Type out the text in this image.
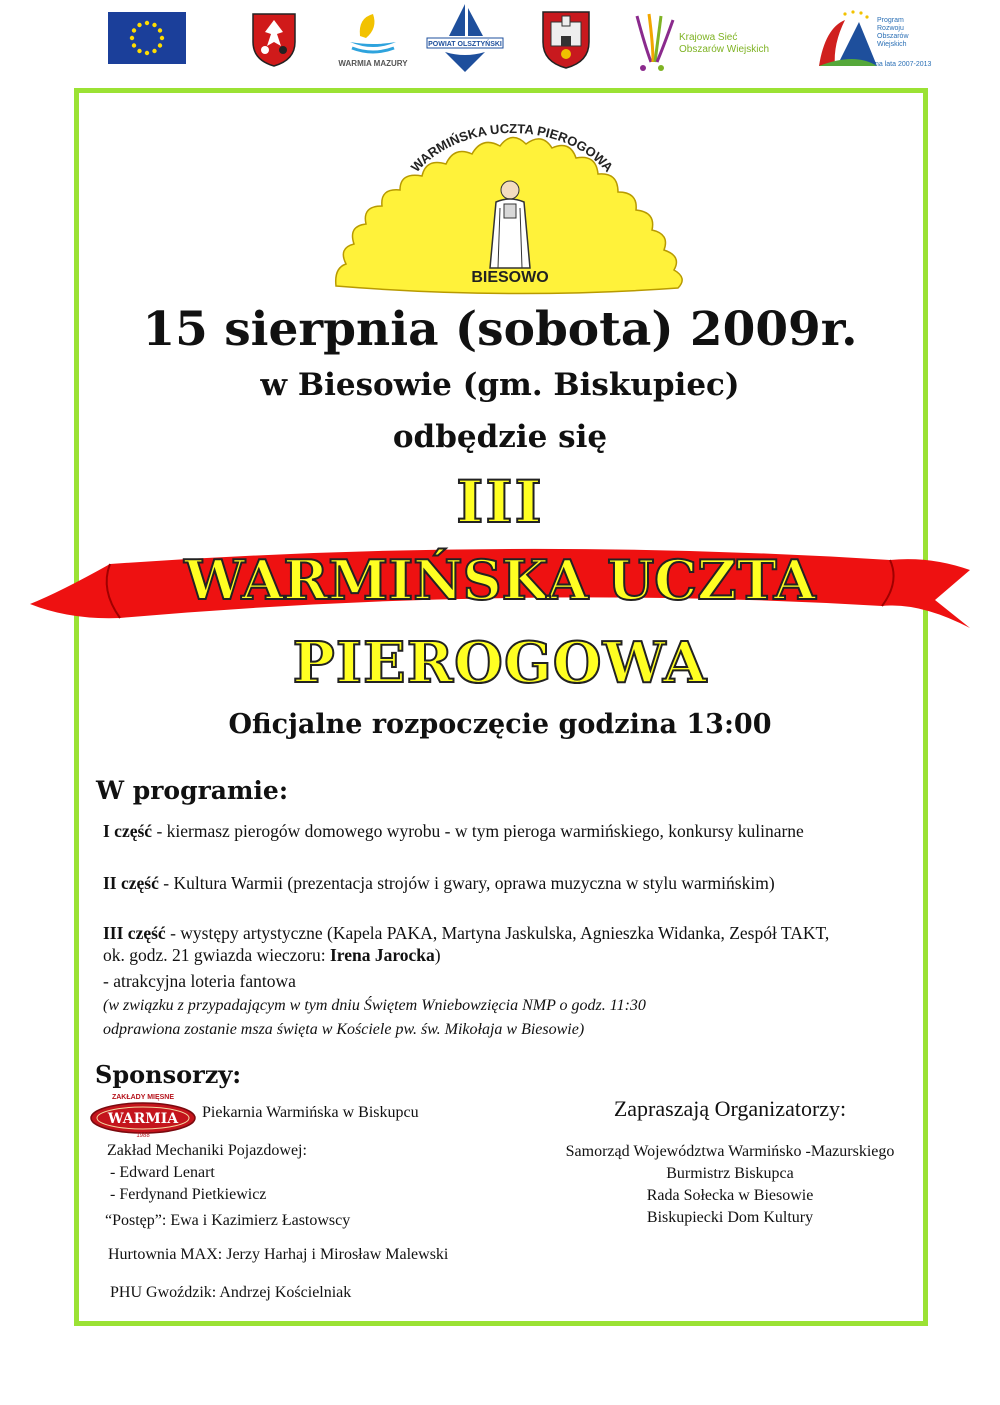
WARMIA MAZURY
POWIAT OLSZTYŃSKI
Krajowa Sieć
Obszarów Wiejskich
Program
Rozwoju
Obszarów
Wiejskich
na lata 2007-2013
WARMIŃSKA UCZTA PIEROGOWA
BIESOWO
15 sierpnia (sobota) 2009r.
w Biesowie (gm. Biskupiec)
odbędzie się
III
WARMIŃSKA UCZTA
PIEROGOWA
Oficjalne rozpoczęcie godzina 13:00
W programie:
I część - kiermasz pierogów domowego wyrobu - w tym pieroga warmińskiego, konkursy kulinarne
II część - Kultura Warmii (prezentacja strojów i gwary, oprawa muzyczna w stylu warmińskim)
III część - występy artystyczne (Kapela PAKA, Martyna Jaskulska, Agnieszka Widanka, Zespół TAKT,
ok. godz. 21 gwiazda wieczoru: Irena Jarocka)
- atrakcyjna loteria fantowa
(w związku z przypadającym w tym dniu Świętem Wniebowzięcia NMP o godz. 11:30
odprawiona zostanie msza święta w Kościele pw. św. Mikołaja w Biesowie)
Sponsorzy:
ZAKŁADY MIĘSNE
WARMIA
1988
Piekarnia Warmińska w Biskupcu
Zakład Mechaniki Pojazdowej:
- Edward Lenart
- Ferdynand Pietkiewicz
“Postęp”: Ewa i Kazimierz Łastowscy
Hurtownia MAX: Jerzy Harhaj i Mirosław Malewski
PHU Gwoździk: Andrzej Kościelniak
Zapraszają Organizatorzy:
Samorząd Województwa Warmińsko -Mazurskiego
Burmistrz Biskupca
Rada Sołecka w Biesowie
Biskupiecki Dom Kultury
